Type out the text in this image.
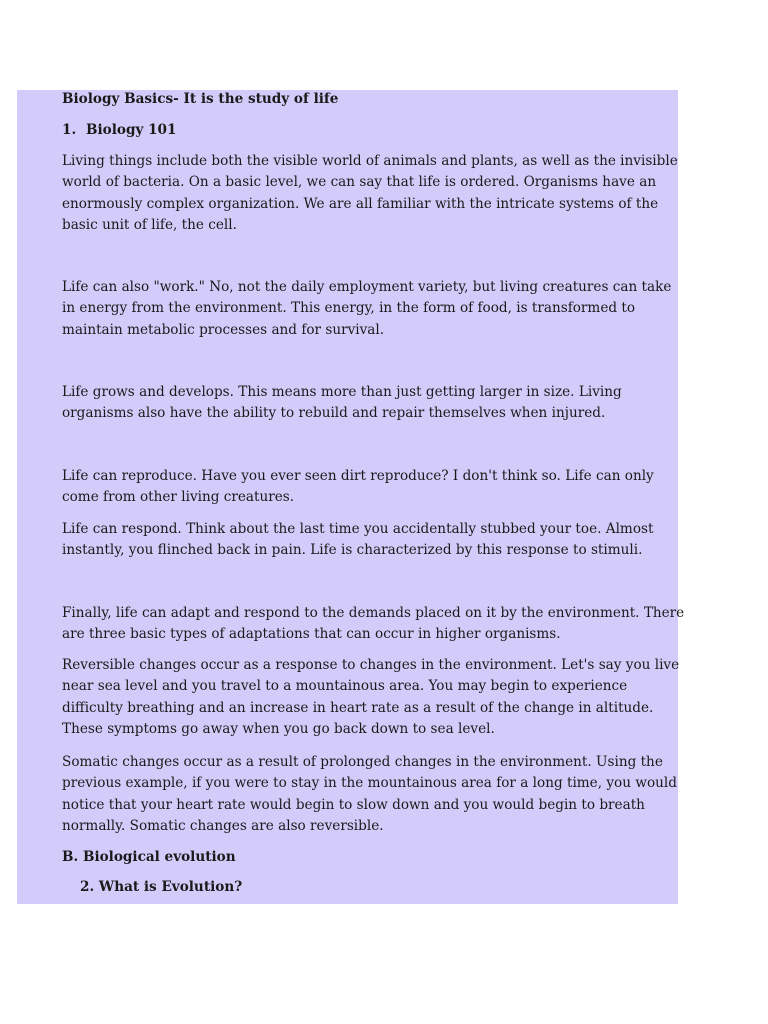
Biology Basics- It is the study of life

1. Biology 101

Living things include both the visible world of animals and plants, as well as the invisible world of bacteria. On a basic level, we can say that life is ordered. Organisms have an enormously complex organization. We are all familiar with the intricate systems of the basic unit of life, the cell.

Life can also "work." No, not the daily employment variety, but living creatures can take in energy from the environment. This energy, in the form of food, is transformed to maintain metabolic processes and for survival.

Life grows and develops. This means more than just getting larger in size. Living organisms also have the ability to rebuild and repair themselves when injured.

Life can reproduce. Have you ever seen dirt reproduce? I don't think so. Life can only come from other living creatures.

Life can respond. Think about the last time you accidentally stubbed your toe. Almost instantly, you flinched back in pain. Life is characterized by this response to stimuli.

Finally, life can adapt and respond to the demands placed on it by the environment. There are three basic types of adaptations that can occur in higher organisms.

Reversible changes occur as a response to changes in the environment. Let's say you live near sea level and you travel to a mountainous area. You may begin to experience difficulty breathing and an increase in heart rate as a result of the change in altitude. These symptoms go away when you go back down to sea level.

Somatic changes occur as a result of prolonged changes in the environment. Using the previous example, if you were to stay in the mountainous area for a long time, you would notice that your heart rate would begin to slow down and you would begin to breath normally. Somatic changes are also reversible.

B. Biological evolution

2. What is Evolution?
